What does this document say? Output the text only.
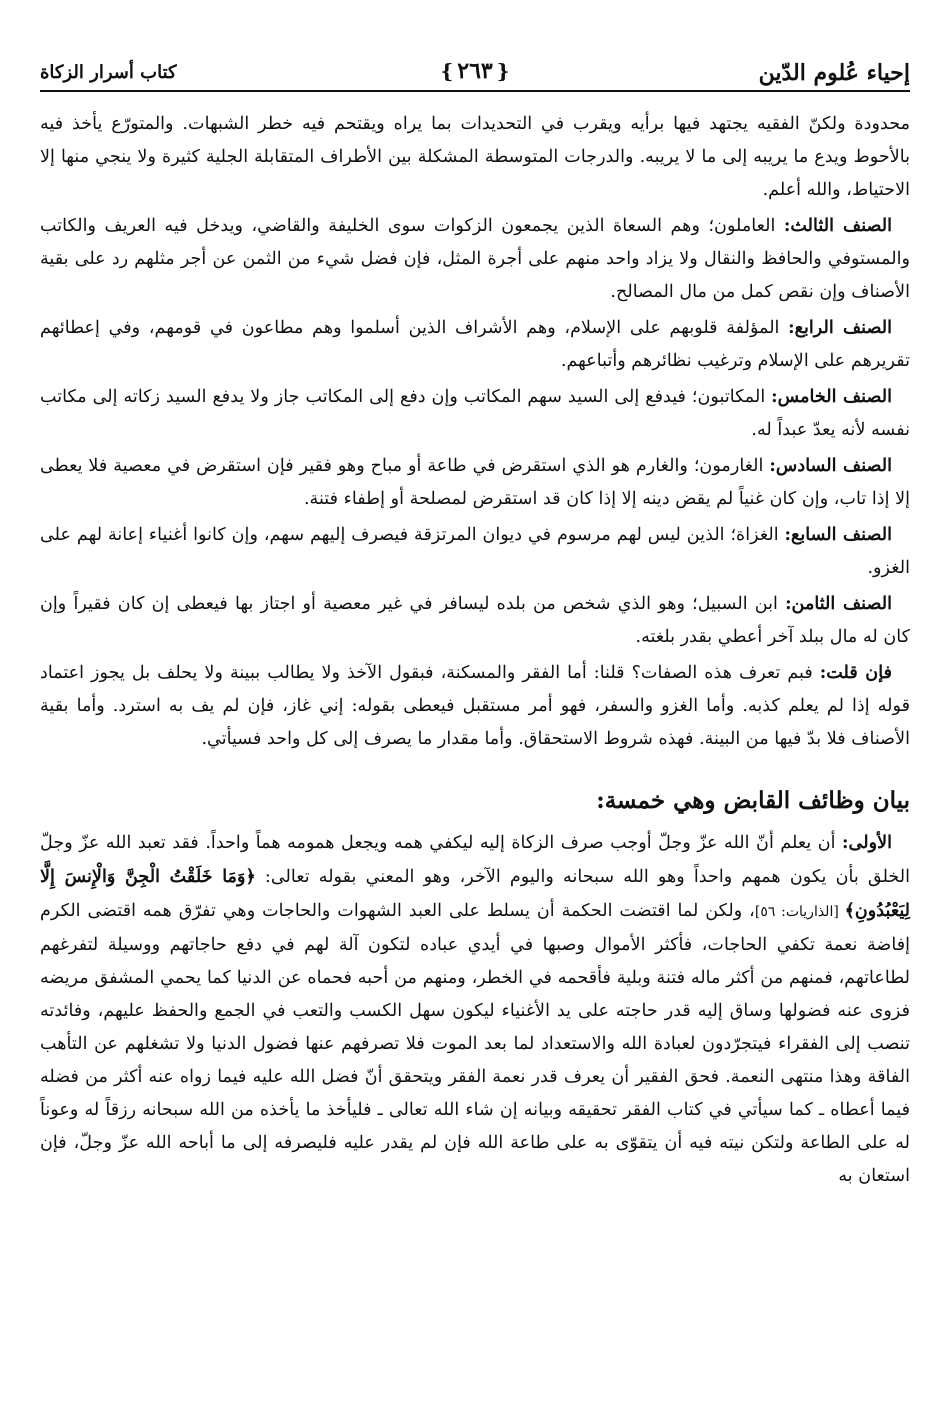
إحياء عُلوم الدّين
{٢٦٣}
كتاب أسرار الزكاة

محدودة ولكنّ الفقيه يجتهد فيها برأيه ويقرب في التحديدات بما يراه ويقتحم فيه خطر الشبهات. والمتورّع يأخذ فيه بالأحوط ويدع ما يريبه إلى ما لا يريبه. والدرجات المتوسطة المشكلة بين الأطراف المتقابلة الجلية كثيرة ولا ينجي منها إلا الاحتياط، والله أعلم.

الصنف الثالث: العاملون؛ وهم السعاة الذين يجمعون الزكوات سوى الخليفة والقاضي، ويدخل فيه العريف والكاتب والمستوفي والحافظ والنقال ولا يزاد واحد منهم على أجرة المثل، فإن فضل شيء من الثمن عن أجر مثلهم رد على بقية الأصناف وإن نقص كمل من مال المصالح.

الصنف الرابع: المؤلفة قلوبهم على الإسلام، وهم الأشراف الذين أسلموا وهم مطاعون في قومهم، وفي إعطائهم تقريرهم على الإسلام وترغيب نظائرهم وأتباعهم.

الصنف الخامس: المكاتبون؛ فيدفع إلى السيد سهم المكاتب وإن دفع إلى المكاتب جاز ولا يدفع السيد زكاته إلى مكاتب نفسه لأنه يعدّ عبداً له.

الصنف السادس: الغارمون؛ والغارم هو الذي استقرض في طاعة أو مباح وهو فقير فإن استقرض في معصية فلا يعطى إلا إذا تاب، وإن كان غنياً لم يقض دينه إلا إذا كان قد استقرض لمصلحة أو إطفاء فتنة.

الصنف السابع: الغزاة؛ الذين ليس لهم مرسوم في ديوان المرتزقة فيصرف إليهم سهم، وإن كانوا أغنياء إعانة لهم على الغزو.

الصنف الثامن: ابن السبيل؛ وهو الذي شخص من بلده ليسافر في غير معصية أو اجتاز بها فيعطى إن كان فقيراً وإن كان له مال ببلد آخر أعطي بقدر بلغته.

فإن قلت: فبم تعرف هذه الصفات؟ قلنا: أما الفقر والمسكنة، فبقول الآخذ ولا يطالب ببينة ولا يحلف بل يجوز اعتماد قوله إذا لم يعلم كذبه. وأما الغزو والسفر، فهو أمر مستقبل فيعطى بقوله: إني غاز، فإن لم يف به استرد. وأما بقية الأصناف فلا بدّ فيها من البينة. فهذه شروط الاستحقاق. وأما مقدار ما يصرف إلى كل واحد فسيأتي.

بيان وظائف القابض وهي خمسة:

الأولى: أن يعلم أنّ الله عزّ وجلّ أوجب صرف الزكاة إليه ليكفي همه ويجعل همومه هماً واحداً. فقد تعبد الله عزّ وجلّ الخلق بأن يكون همهم واحداً وهو الله سبحانه واليوم الآخر، وهو المعني بقوله تعالى: ﴿وَمَا خَلَقْتُ الْجِنَّ وَالْإِنسَ إِلَّا لِيَعْبُدُونِ﴾ [الذاريات: ٥٦]، ولكن لما اقتضت الحكمة أن يسلط على العبد الشهوات والحاجات وهي تفرّق همه اقتضى الكرم إفاضة نعمة تكفي الحاجات، فأكثر الأموال وصبها في أيدي عباده لتكون آلة لهم في دفع حاجاتهم ووسيلة لتفرغهم لطاعاتهم، فمنهم من أكثر ماله فتنة وبلية فأقحمه في الخطر، ومنهم من أحبه فحماه عن الدنيا كما يحمي المشفق مريضه فزوى عنه فضولها وساق إليه قدر حاجته على يد الأغنياء ليكون سهل الكسب والتعب في الجمع والحفظ عليهم، وفائدته تنصب إلى الفقراء فيتجرّدون لعبادة الله والاستعداد لما بعد الموت فلا تصرفهم عنها فضول الدنيا ولا تشغلهم عن التأهب الفاقة وهذا منتهى النعمة. فحق الفقير أن يعرف قدر نعمة الفقر ويتحقق أنّ فضل الله عليه فيما زواه عنه أكثر من فضله فيما أعطاه ـ كما سيأتي في كتاب الفقر تحقيقه وبيانه إن شاء الله تعالى ـ فليأخذ ما يأخذه من الله سبحانه رزقاً له وعوناً له على الطاعة ولتكن نيته فيه أن يتقوّى به على طاعة الله فإن لم يقدر عليه فليصرفه إلى ما أباحه الله عزّ وجلّ، فإن استعان به
